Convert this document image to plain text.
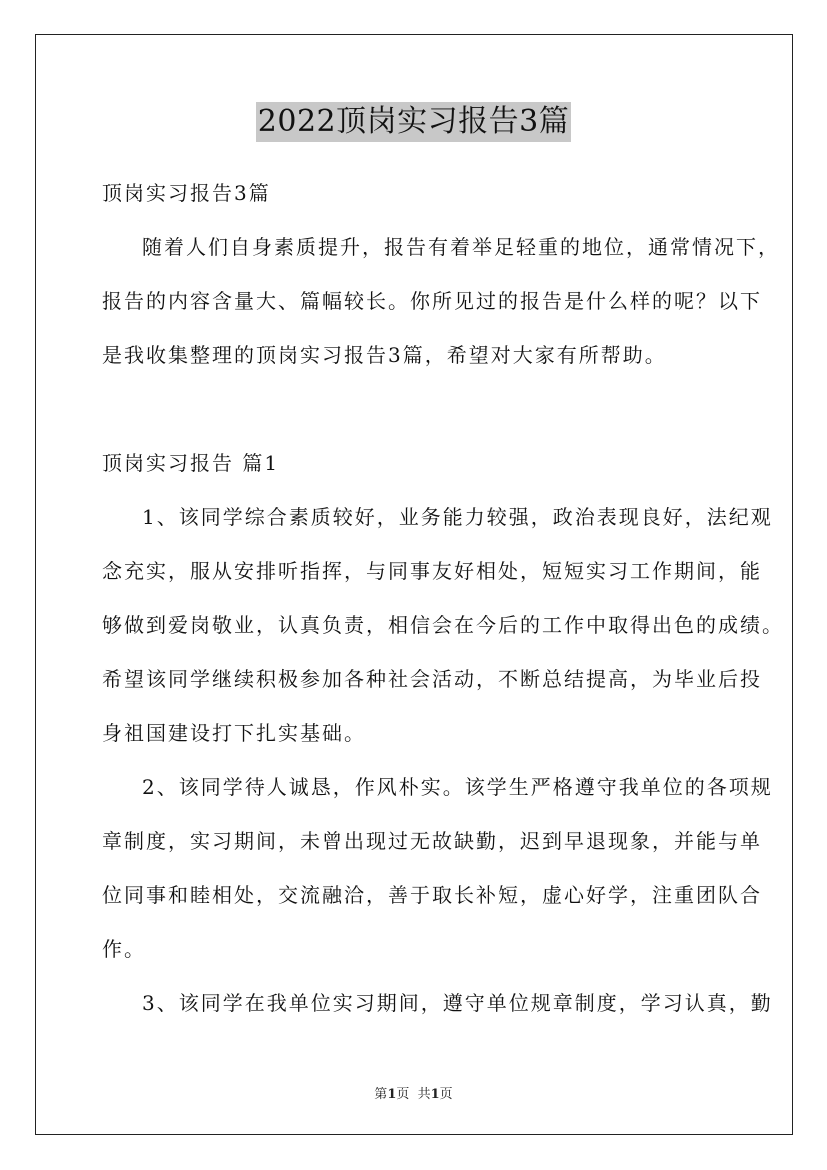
2022顶岗实习报告3篇
顶岗实习报告3篇
随着人们自身素质提升，报告有着举足轻重的地位，通常情况下，
报告的内容含量大、篇幅较长。你所见过的报告是什么样的呢？以下
是我收集整理的顶岗实习报告3篇，希望对大家有所帮助。
顶岗实习报告 篇1
1、该同学综合素质较好，业务能力较强，政治表现良好，法纪观
念充实，服从安排听指挥，与同事友好相处，短短实习工作期间，能
够做到爱岗敬业，认真负责，相信会在今后的工作中取得出色的成绩。
希望该同学继续积极参加各种社会活动，不断总结提高，为毕业后投
身祖国建设打下扎实基础。
2、该同学待人诚恳，作风朴实。该学生严格遵守我单位的各项规
章制度，实习期间，未曾出现过无故缺勤，迟到早退现象，并能与单
位同事和睦相处，交流融洽，善于取长补短，虚心好学，注重团队合
作。
3、该同学在我单位实习期间，遵守单位规章制度，学习认真，勤
第1页  共1页
